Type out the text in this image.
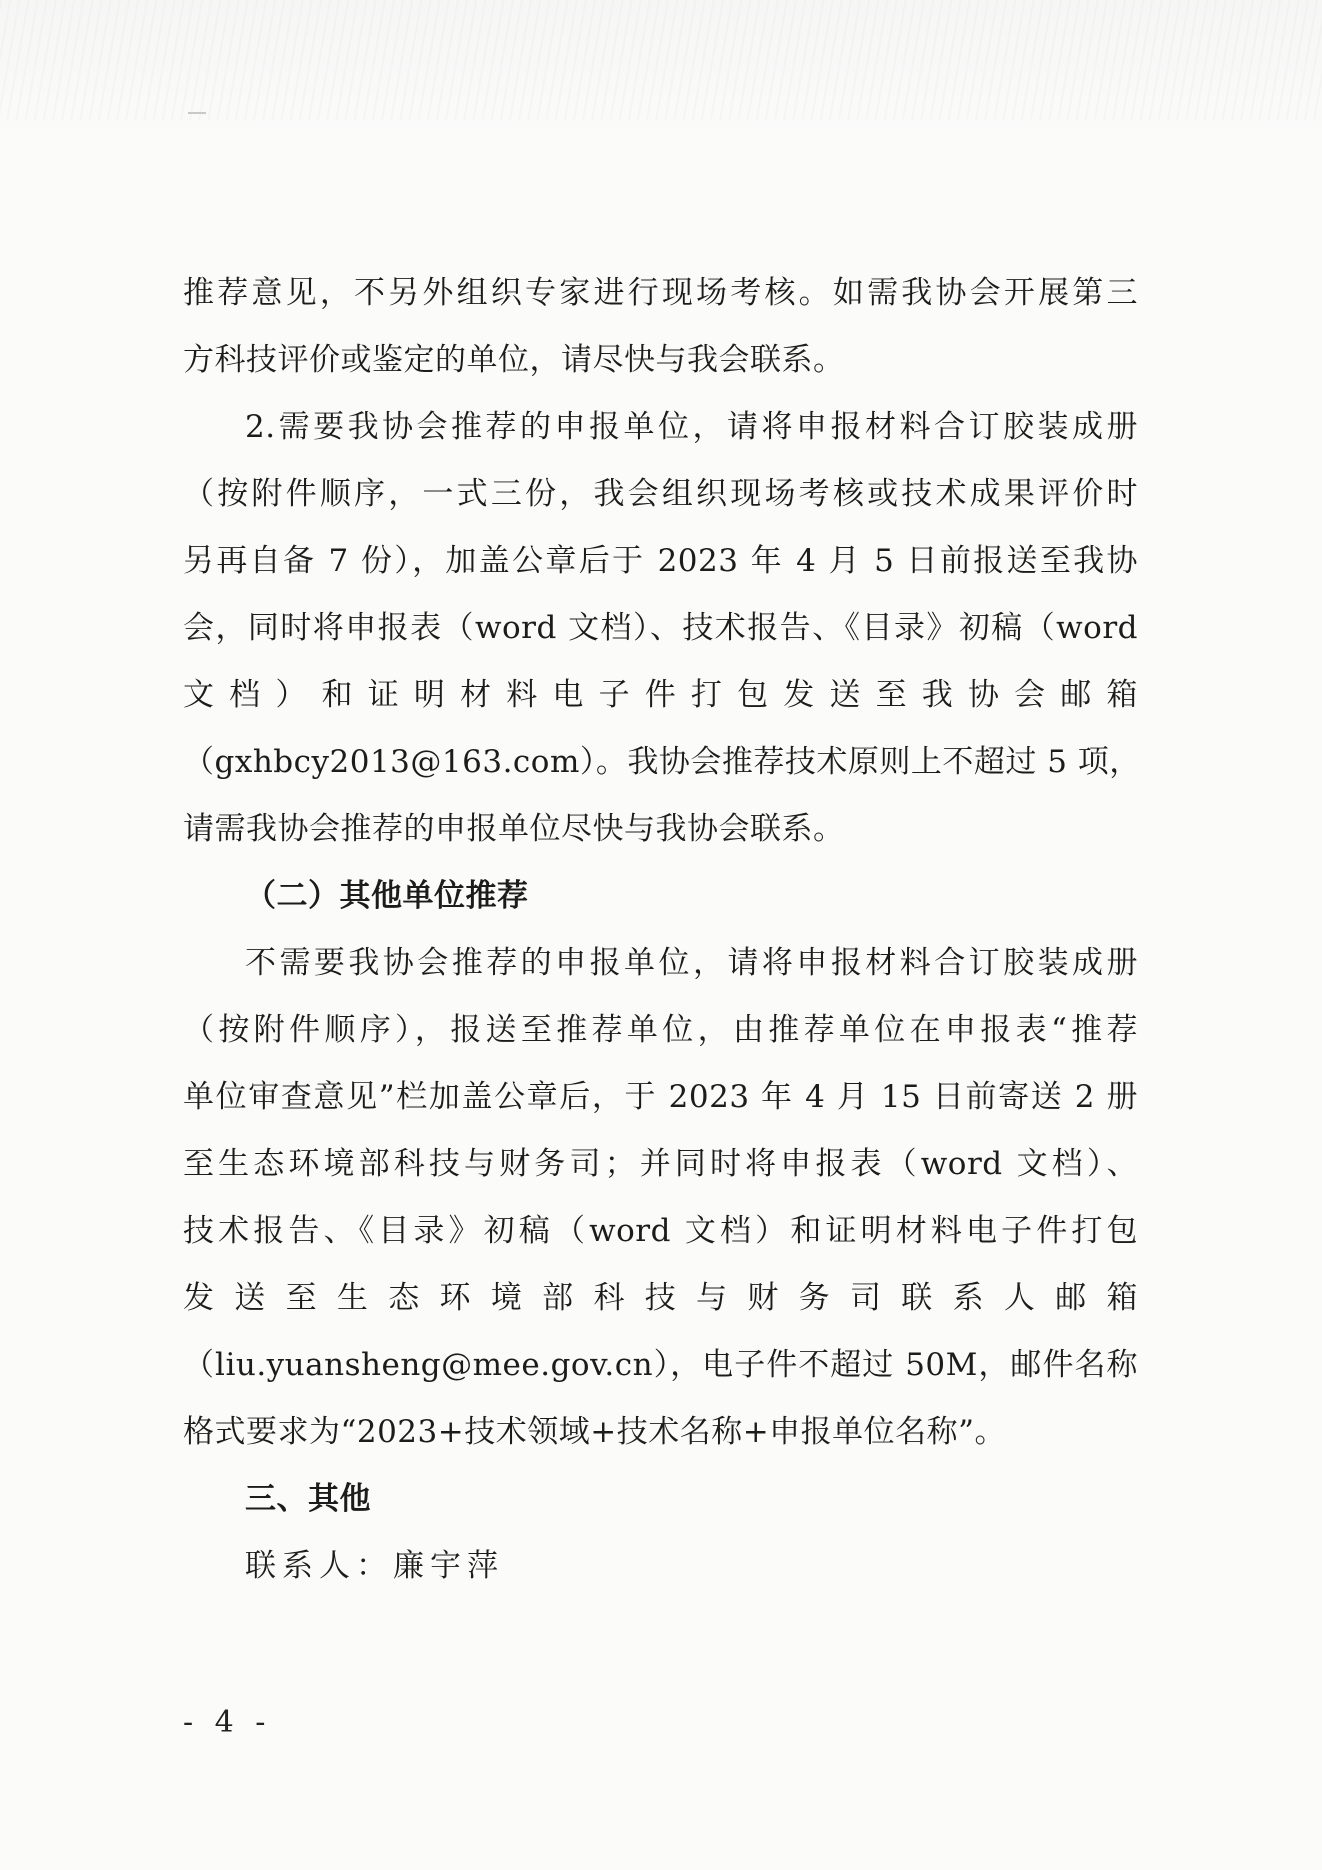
推荐意见，不另外组织专家进行现场考核。如需我协会开展第三
方科技评价或鉴定的单位，请尽快与我会联系。
2.需要我协会推荐的申报单位，请将申报材料合订胶装成册
（按附件顺序，一式三份，我会组织现场考核或技术成果评价时
另再自备 7 份），加盖公章后于 2023 年 4 月 5 日前报送至我协
会，同时将申报表（word 文档）、技术报告、《目录》初稿（word
文档）和证明材料电子件打包发送至我协会邮箱
（gxhbcy2013@163.com）。我协会推荐技术原则上不超过 5 项，
请需我协会推荐的申报单位尽快与我协会联系。
（二）其他单位推荐
不需要我协会推荐的申报单位，请将申报材料合订胶装成册
（按附件顺序），报送至推荐单位，由推荐单位在申报表“推荐
单位审查意见”栏加盖公章后，于 2023 年 4 月 15 日前寄送 2 册
至生态环境部科技与财务司；并同时将申报表（word 文档）、
技术报告、《目录》初稿（word 文档）和证明材料电子件打包
发送至生态环境部科技与财务司联系人邮箱
（liu.yuansheng@mee.gov.cn），电子件不超过 50M，邮件名称
格式要求为“2023+技术领域+技术名称+申报单位名称”。
三、其他
联系人：廉宇萍
- 4 -
